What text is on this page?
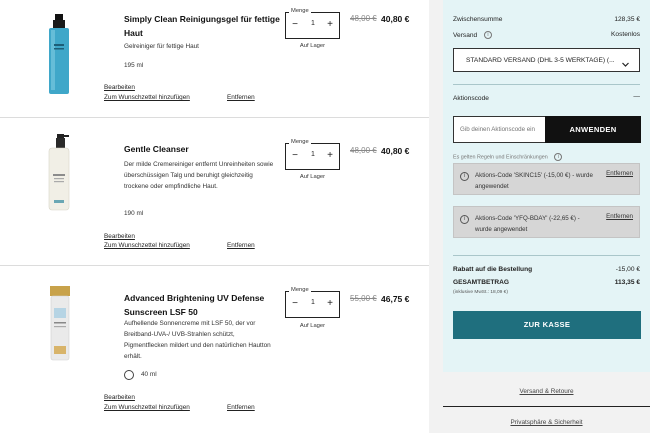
Simply Clean Reinigungsgel für fettige Haut
Gelreiniger für fettige Haut
195 ml
Menge
−	1	+
Auf Lager
48,00 € 40,80 €
Bearbeiten
Zum Wunschzettel hinzufügen	Entfernen
Gentle Cleanser
Der milde Cremereiniger entfernt Unreinheiten sowie überschüssigen Talg und beruhigt gleichzeitig trockene oder empfindliche Haut.
190 ml
Menge
−	1	+
Auf Lager
48,00 € 40,80 €
Bearbeiten
Zum Wunschzettel hinzufügen	Entfernen
Advanced Brightening UV Defense Sunscreen LSF 50
Aufhellende Sonnencreme mit LSF 50, der vor Breitband-UVA-/ UVB-Strahlen schützt, Pigmentflecken mildert und den natürlichen Hautton erhält.
40 ml
Menge
−	1	+
Auf Lager
55,00 € 46,75 €
Bearbeiten
Zum Wunschzettel hinzufügen	Entfernen
Zwischensumme	128,35 €
Versand i	Kostenlos
STANDARD VERSAND (DHL 3-5 WERKTAGE) (...
Aktionscode	—
Gib deinen Aktionscode ein
ANWENDEN
Es gelten Regeln und Einschränkungen i
i	Aktions-Code 'SKINC15' (-15,00 €) - wurde angewendet
Entfernen
i	Aktions-Code 'YFQ-BDAY' (-22,65 €) - wurde angewendet
Entfernen
Rabatt auf die Bestellung	-15,00 €
GESAMTBETRAG	113,35 €
(inklusive MwSt.: 18,09 €)
ZUR KASSE
Versand & Retoure
Privatsphäre & Sicherheit
